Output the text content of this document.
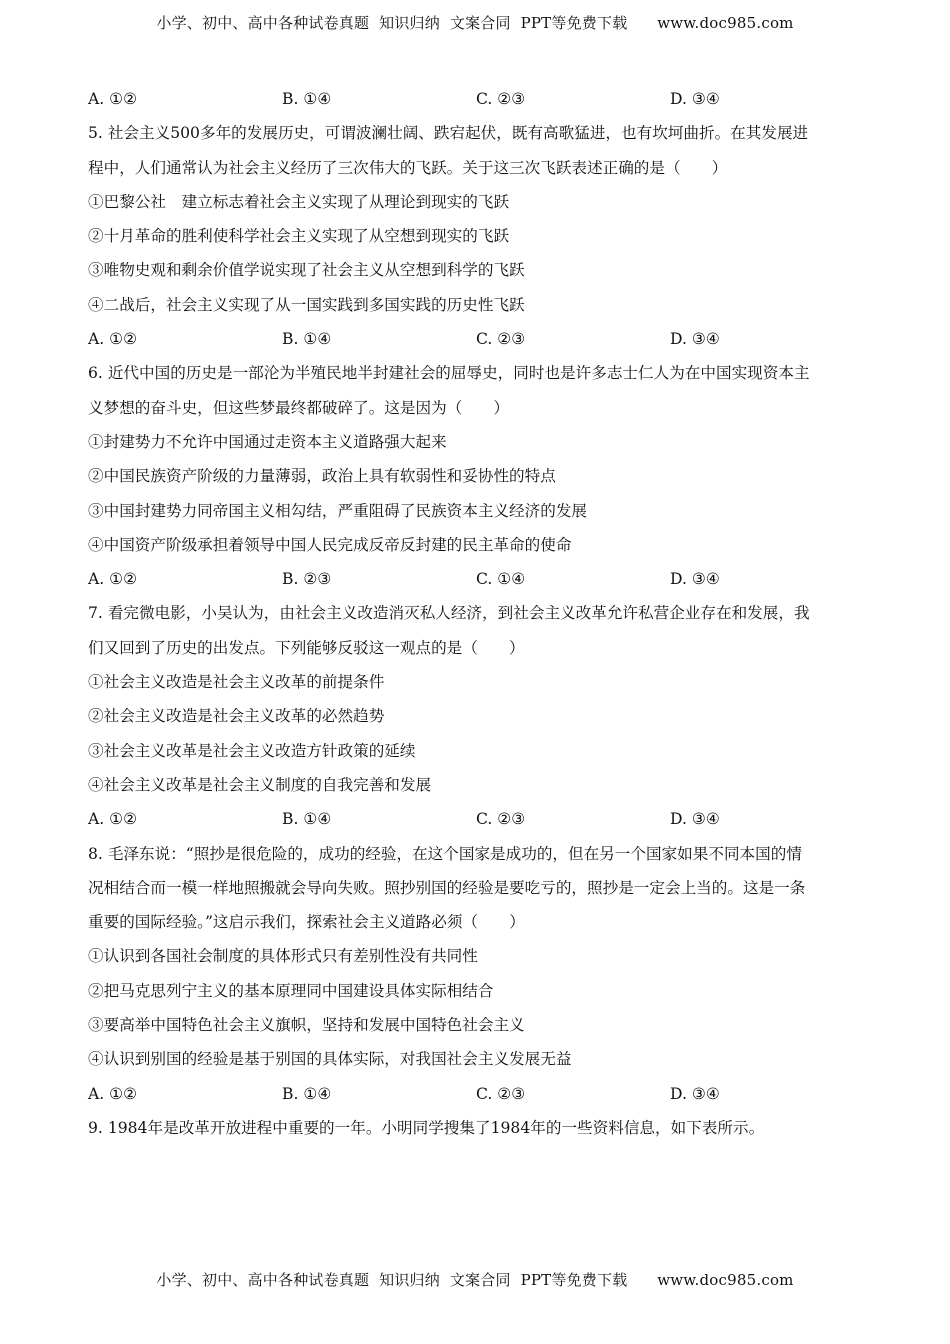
小学、初中、高中各种试卷真题  知识归纳  文案合同  PPT等免费下载      www.doc985.com
A. ①②	B. ①④	C. ②③	D. ③④
5. 社会主义500多年的发展历史，可谓波澜壮阔、跌宕起伏，既有高歌猛进，也有坎坷曲折。在其发展进
程中，人们通常认为社会主义经历了三次伟大的飞跃。关于这三次飞跃表述正确的是（　　）
①巴黎公社　建立标志着社会主义实现了从理论到现实的飞跃
②十月革命的胜利使科学社会主义实现了从空想到现实的飞跃
③唯物史观和剩余价值学说实现了社会主义从空想到科学的飞跃
④二战后，社会主义实现了从一国实践到多国实践的历史性飞跃
A. ①②	B. ①④	C. ②③	D. ③④
6. 近代中国的历史是一部沦为半殖民地半封建社会的屈辱史，同时也是许多志士仁人为在中国实现资本主
义梦想的奋斗史，但这些梦最终都破碎了。这是因为（　　）
①封建势力不允许中国通过走资本主义道路强大起来
②中国民族资产阶级的力量薄弱，政治上具有软弱性和妥协性的特点
③中国封建势力同帝国主义相勾结，严重阻碍了民族资本主义经济的发展
④中国资产阶级承担着领导中国人民完成反帝反封建的民主革命的使命
A. ①②	B. ②③	C. ①④	D. ③④
7. 看完微电影，小吴认为，由社会主义改造消灭私人经济，到社会主义改革允许私营企业存在和发展，我
们又回到了历史的出发点。下列能够反驳这一观点的是（　　）
①社会主义改造是社会主义改革的前提条件
②社会主义改造是社会主义改革的必然趋势
③社会主义改革是社会主义改造方针政策的延续
④社会主义改革是社会主义制度的自我完善和发展
A. ①②	B. ①④	C. ②③	D. ③④
8. 毛泽东说：“照抄是很危险的，成功的经验，在这个国家是成功的，但在另一个国家如果不同本国的情
况相结合而一模一样地照搬就会导向失败。照抄别国的经验是要吃亏的，照抄是一定会上当的。这是一条
重要的国际经验。”这启示我们，探索社会主义道路必须（　　）
①认识到各国社会制度的具体形式只有差别性没有共同性
②把马克思列宁主义的基本原理同中国建设具体实际相结合
③要高举中国特色社会主义旗帜，坚持和发展中国特色社会主义
④认识到别国的经验是基于别国的具体实际，对我国社会主义发展无益
A. ①②	B. ①④	C. ②③	D. ③④
9. 1984年是改革开放进程中重要的一年。小明同学搜集了1984年的一些资料信息，如下表所示。
小学、初中、高中各种试卷真题  知识归纳  文案合同  PPT等免费下载      www.doc985.com
